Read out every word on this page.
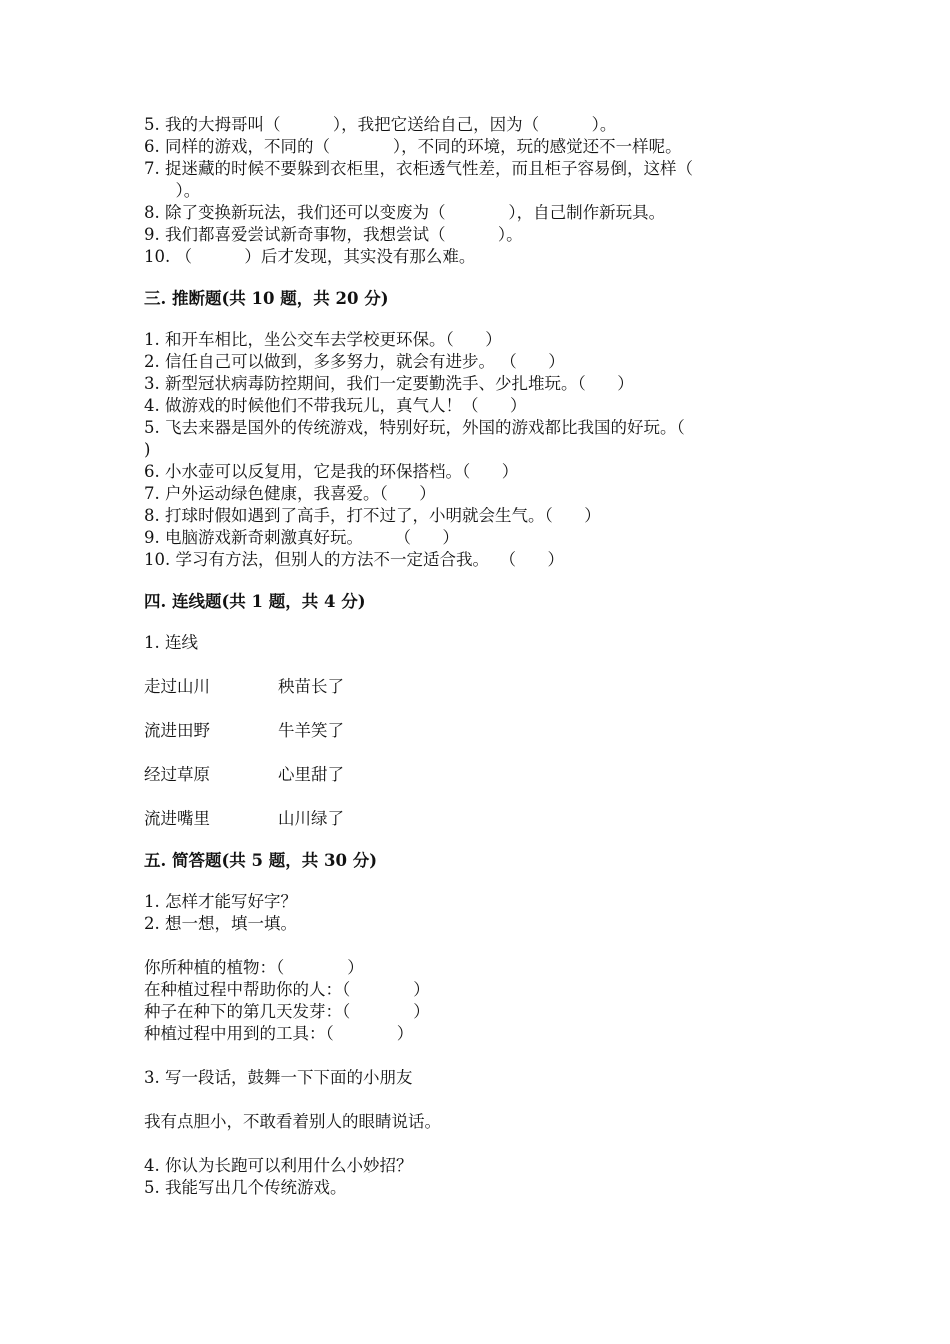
5. 我的大拇哥叫（          ），我把它送给自己，因为（          ）。
6. 同样的游戏，不同的（            ），不同的环境，玩的感觉还不一样呢。
7. 捉迷藏的时候不要躲到衣柜里，衣柜透气性差，而且柜子容易倒，这样（
）。
8. 除了变换新玩法，我们还可以变废为（            ），自己制作新玩具。
9. 我们都喜爱尝试新奇事物，我想尝试（          ）。
10. （          ）后才发现，其实没有那么难。
三. 推断题(共 10 题，共 20 分)
1. 和开车相比，坐公交车去学校更环保。（      ）
2. 信任自己可以做到，多多努力，就会有进步。 （      ）
3. 新型冠状病毒防控期间，我们一定要勤洗手、少扎堆玩。（      ）
4. 做游戏的时候他们不带我玩儿，真气人！（      ）
5. 飞去来器是国外的传统游戏，特别好玩，外国的游戏都比我国的好玩。（
)
6. 小水壶可以反复用，它是我的环保搭档。（      ）
7. 户外运动绿色健康，我喜爱。（      ）
8. 打球时假如遇到了高手，打不过了，小明就会生气。（      ）
9. 电脑游戏新奇刺激真好玩。      （      ）
10. 学习有方法，但别人的方法不一定适合我。  （      ）
四. 连线题(共 1 题，共 4 分)
1. 连线
走过山川	秧苗长了
流进田野	牛羊笑了
经过草原	心里甜了
流进嘴里	山川绿了
五. 简答题(共 5 题，共 30 分)
1. 怎样才能写好字？
2. 想一想，填一填。
你所种植的植物：（            ）
在种植过程中帮助你的人：（            ）
种子在种下的第几天发芽：（            ）
种植过程中用到的工具：（            ）
3. 写一段话，鼓舞一下下面的小朋友
我有点胆小，不敢看着别人的眼睛说话。
4. 你认为长跑可以利用什么小妙招？
5. 我能写出几个传统游戏。
